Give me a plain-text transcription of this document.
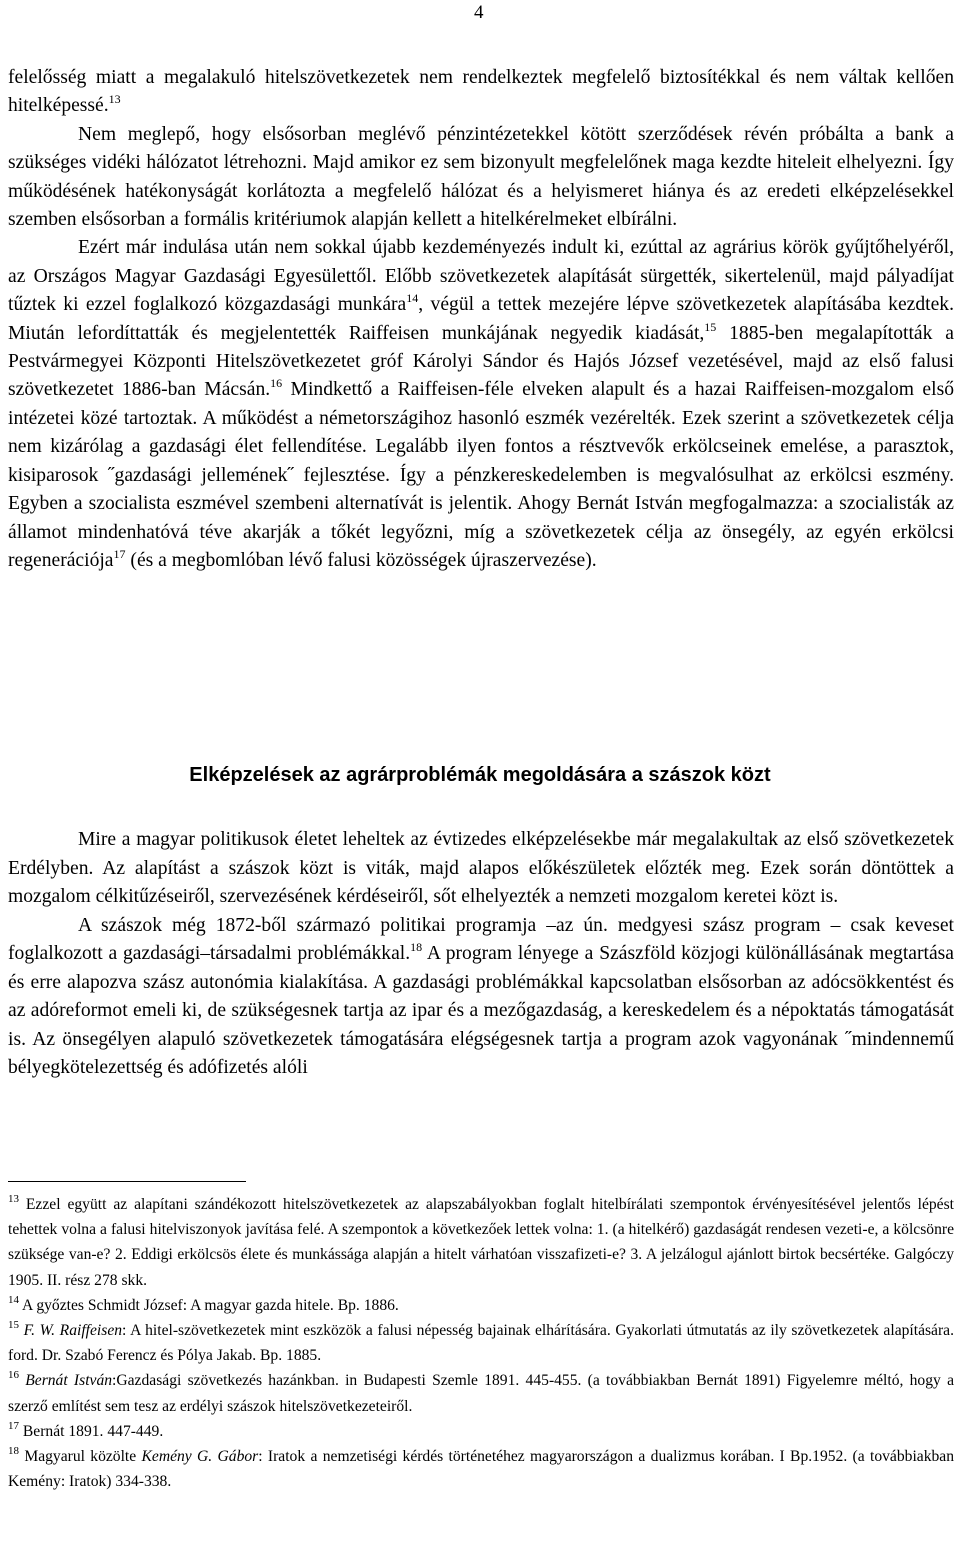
4

felelősség miatt a megalakuló hitelszövetkezetek nem rendelkeztek megfelelő biztosítékkal és nem váltak kellően hitelképessé.$^{13}$

Nem meglepő, hogy elsősorban meglévő pénzintézetekkel kötött szerződések révén próbálta a bank a szükséges vidéki hálózatot létrehozni. Majd amikor ez sem bizonyult megfelelőnek maga kezdte hiteleit elhelyezni. Így működésének hatékonyságát korlátozta a megfelelő hálózat és a helyismeret hiánya és az eredeti elképzelésekkel szemben elsősorban a formális kritériumok alapján kellett a hitelkérelmeket elbírálni.

Ezért már indulása után nem sokkal újabb kezdeményezés indult ki, ezúttal az agrárius körök gyűjtőhelyéről, az Országos Magyar Gazdasági Egyesülettől. Előbb szövetkezetek alapítását sürgették, sikertelenül, majd pályadíjat tűztek ki ezzel foglalkozó közgazdasági munkára$^{14}$, végül a tettek mezejére lépve szövetkezetek alapításába kezdtek. Miután lefordíttatták és megjelentették Raiffeisen munkájának negyedik kiadását,$^{15}$ 1885-ben megalapították a Pestvármegyei Központi Hitelszövetkezetet gróf Károlyi Sándor és Hajós József vezetésével, majd az első falusi szövetkezetet 1886-ban Mácsán.$^{16}$ Mindkettő a Raiffeisen-féle elveken alapult és a hazai Raiffeisen-mozgalom első intézetei közé tartoztak. A működést a németországihoz hasonló eszmék vezérelték. Ezek szerint a szövetkezetek célja nem kizárólag a gazdasági élet fellendítése. Legalább ilyen fontos a résztvevők erkölcseinek emelése, a parasztok, kisiparosok ˝gazdasági jellemének˝ fejlesztése. Így a pénzkereskedelemben is megvalósulhat az erkölcsi eszmény. Egyben a szocialista eszmével szembeni alternatívát is jelentik. Ahogy Bernát István megfogalmazza: a szocialisták az államot mindenhatóvá téve akarják a tőkét legyőzni, míg a szövetkezetek célja az önsegély, az egyén erkölcsi regenerációja$^{17}$ (és a megbomlóban lévő falusi közösségek újraszervezése).

Elképzelések az agrárproblémák megoldására a szászok közt

Mire a magyar politikusok életet leheltek az évtizedes elképzelésekbe már megalakultak az első szövetkezetek Erdélyben. Az alapítást a szászok közt is viták, majd alapos előkészületek előzték meg. Ezek során döntöttek a mozgalom célkitűzéseiről, szervezésének kérdéseiről, sőt elhelyezték a nemzeti mozgalom keretei közt is.

A szászok még 1872-ből származó politikai programja –az ún. medgyesi szász program – csak keveset foglalkozott a gazdasági–társadalmi problémákkal.$^{18}$ A program lényege a Szászföld közjogi különállásának megtartása és erre alapozva szász autonómia kialakítása. A gazdasági problémákkal kapcsolatban elsősorban az adócsökkentést és az adóreformot emeli ki, de szükségesnek tartja az ipar és a mezőgazdaság, a kereskedelem és a népoktatás támogatását is. Az önsegélyen alapuló szövetkezetek támogatására elégségesnek tartja a program azok vagyonának ˝mindennemű bélyegkötelezettség és adófizetés alóli

$^{13}$ Ezzel együtt az alapítani szándékozott hitelszövetkezetek az alapszabályokban foglalt hitelbírálati szempontok érvényesítésével jelentős lépést tehettek volna a falusi hitelviszonyok javítása felé. A szempontok a következőek lettek volna: 1. (a hitelkérő) gazdaságát rendesen vezeti-e, a kölcsönre szüksége van-e? 2. Eddigi erkölcsös élete és munkássága alapján a hitelt várhatóan visszafizeti-e? 3. A jelzálogul ajánlott birtok becsértéke. Galgóczy 1905. II. rész 278 skk.

$^{14}$ A győztes Schmidt József: A magyar gazda hitele. Bp. 1886.

$^{15}$ F. W. Raiffeisen: A hitel-szövetkezetek mint eszközök a falusi népesség bajainak elhárítására. Gyakorlati útmutatás az ily szövetkezetek alapítására. ford. Dr. Szabó Ferencz és Pólya Jakab. Bp. 1885.

$^{16}$ Bernát István:Gazdasági szövetkezés hazánkban. in Budapesti Szemle 1891. 445-455. (a továbbiakban Bernát 1891) Figyelemre méltó, hogy a szerző említést sem tesz az erdélyi szászok hitelszövetkezeteiről.

$^{17}$ Bernát 1891. 447-449.

$^{18}$ Magyarul közölte Kemény G. Gábor: Iratok a nemzetiségi kérdés történetéhez magyarországon a dualizmus korában. I Bp.1952. (a továbbiakban Kemény: Iratok) 334-338.
